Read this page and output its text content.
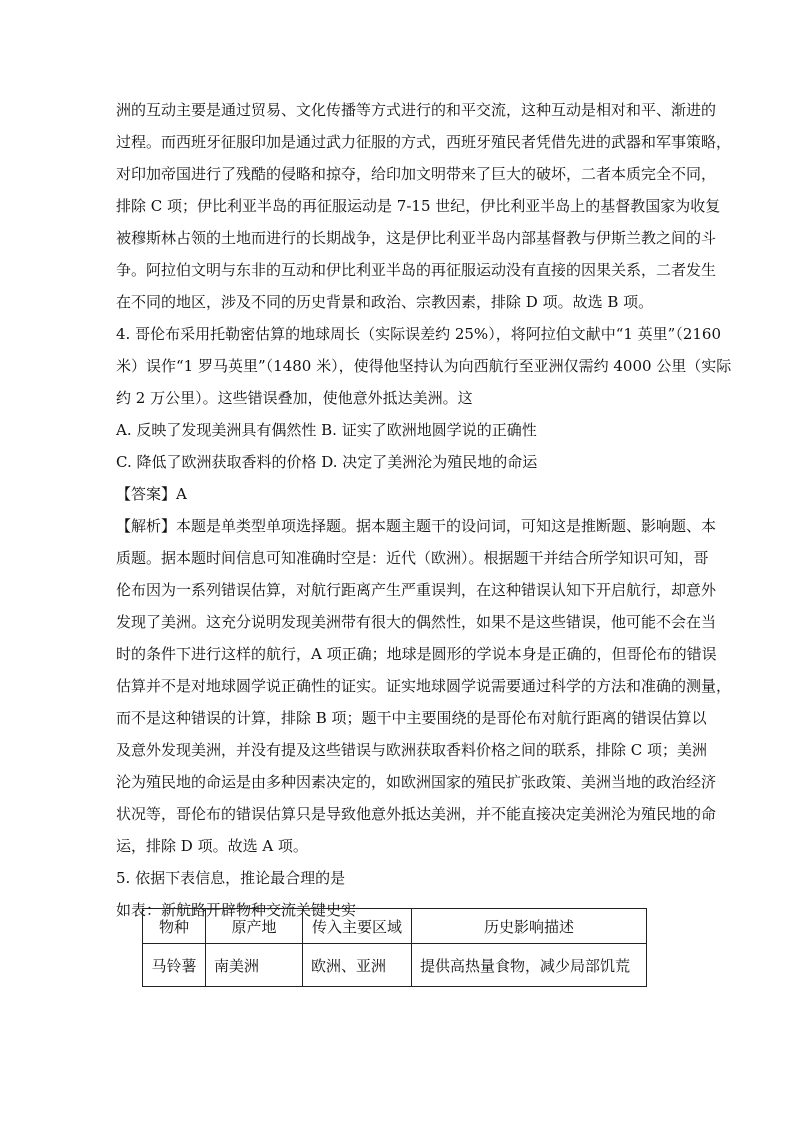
洲的互动主要是通过贸易、文化传播等方式进行的和平交流，这种互动是相对和平、渐进的
过程。而西班牙征服印加是通过武力征服的方式，西班牙殖民者凭借先进的武器和军事策略，
对印加帝国进行了残酷的侵略和掠夺，给印加文明带来了巨大的破坏，二者本质完全不同，
排除 C 项；伊比利亚半岛的再征服运动是 7-15 世纪，伊比利亚半岛上的基督教国家为收复
被穆斯林占领的土地而进行的长期战争，这是伊比利亚半岛内部基督教与伊斯兰教之间的斗
争。阿拉伯文明与东非的互动和伊比利亚半岛的再征服运动没有直接的因果关系，二者发生
在不同的地区，涉及不同的历史背景和政治、宗教因素，排除 D 项。故选 B 项。
4. 哥伦布采用托勒密估算的地球周长（实际误差约 25%），将阿拉伯文献中“1 英里”（2160
米）误作“1 罗马英里”（1480 米），使得他坚持认为向西航行至亚洲仅需约 4000 公里（实际
约 2 万公里）。这些错误叠加，使他意外抵达美洲。这
A. 反映了发现美洲具有偶然性 B. 证实了欧洲地圆学说的正确性
C. 降低了欧洲获取香料的价格 D. 决定了美洲沦为殖民地的命运
【答案】A
【解析】本题是单类型单项选择题。据本题主题干的设问词，可知这是推断题、影响题、本
质题。据本题时间信息可知准确时空是：近代（欧洲）。根据题干并结合所学知识可知，哥
伦布因为一系列错误估算，对航行距离产生严重误判，在这种错误认知下开启航行，却意外
发现了美洲。这充分说明发现美洲带有很大的偶然性，如果不是这些错误，他可能不会在当
时的条件下进行这样的航行，A 项正确；地球是圆形的学说本身是正确的，但哥伦布的错误
估算并不是对地球圆学说正确性的证实。证实地球圆学说需要通过科学的方法和准确的测量，
而不是这种错误的计算，排除 B 项；题干中主要围绕的是哥伦布对航行距离的错误估算以
及意外发现美洲，并没有提及这些错误与欧洲获取香料价格之间的联系，排除 C 项；美洲
沦为殖民地的命运是由多种因素决定的，如欧洲国家的殖民扩张政策、美洲当地的政治经济
状况等，哥伦布的错误估算只是导致他意外抵达美洲，并不能直接决定美洲沦为殖民地的命
运，排除 D 项。故选 A 项。
5. 依据下表信息，推论最合理的是
如表：新航路开辟物种交流关键史实
物种	原产地	传入主要区域	历史影响描述
马铃薯	南美洲	欧洲、亚洲	提供高热量食物，减少局部饥荒
